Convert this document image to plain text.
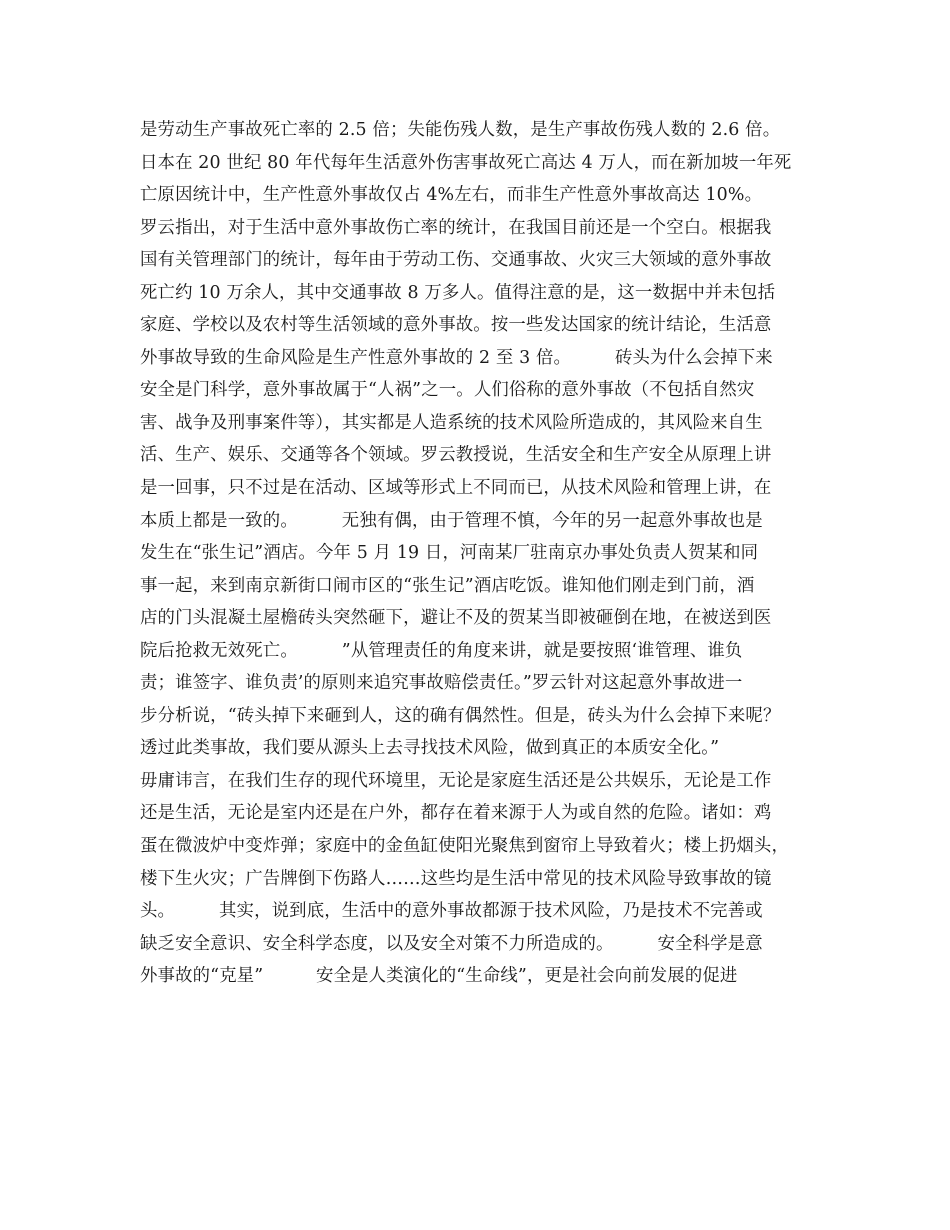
是劳动生产事故死亡率的 2.5 倍；失能伤残人数，是生产事故伤残人数的 2.6 倍。
日本在 20 世纪 80 年代每年生活意外伤害事故死亡高达 4 万人，而在新加坡一年死
亡原因统计中，生产性意外事故仅占 4%左右，而非生产性意外事故高达 10%。
罗云指出，对于生活中意外事故伤亡率的统计，在我国目前还是一个空白。根据我
国有关管理部门的统计，每年由于劳动工伤、交通事故、火灾三大领域的意外事故
死亡约 10 万余人，其中交通事故 8 万多人。值得注意的是，这一数据中并未包括
家庭、学校以及农村等生活领域的意外事故。按一些发达国家的统计结论，生活意
外事故导致的生命风险是生产性意外事故的 2 至 3 倍。　　　砖头为什么会掉下来
安全是门科学，意外事故属于“人祸”之一。人们俗称的意外事故（不包括自然灾
害、战争及刑事案件等），其实都是人造系统的技术风险所造成的，其风险来自生
活、生产、娱乐、交通等各个领域。罗云教授说，生活安全和生产安全从原理上讲
是一回事，只不过是在活动、区域等形式上不同而已，从技术风险和管理上讲，在
本质上都是一致的。　　　无独有偶，由于管理不慎，今年的另一起意外事故也是
发生在“张生记”酒店。今年 5 月 19 日，河南某厂驻南京办事处负责人贺某和同
事一起，来到南京新街口闹市区的“张生记”酒店吃饭。谁知他们刚走到门前，酒
店的门头混凝土屋檐砖头突然砸下，避让不及的贺某当即被砸倒在地，在被送到医
院后抢救无效死亡。　　　”从管理责任的角度来讲，就是要按照‘谁管理、谁负
责；谁签字、谁负责’的原则来追究事故赔偿责任。”罗云针对这起意外事故进一
步分析说，“砖头掉下来砸到人，这的确有偶然性。但是，砖头为什么会掉下来呢？
透过此类事故，我们要从源头上去寻找技术风险，做到真正的本质安全化。”
毋庸讳言，在我们生存的现代环境里，无论是家庭生活还是公共娱乐，无论是工作
还是生活，无论是室内还是在户外，都存在着来源于人为或自然的危险。诸如：鸡
蛋在微波炉中变炸弹；家庭中的金鱼缸使阳光聚焦到窗帘上导致着火；楼上扔烟头，
楼下生火灾；广告牌倒下伤路人……这些均是生活中常见的技术风险导致事故的镜
头。　　　其实，说到底，生活中的意外事故都源于技术风险，乃是技术不完善或
缺乏安全意识、安全科学态度，以及安全对策不力所造成的。　　　安全科学是意
外事故的“克星”　　　安全是人类演化的“生命线”，更是社会向前发展的促进
